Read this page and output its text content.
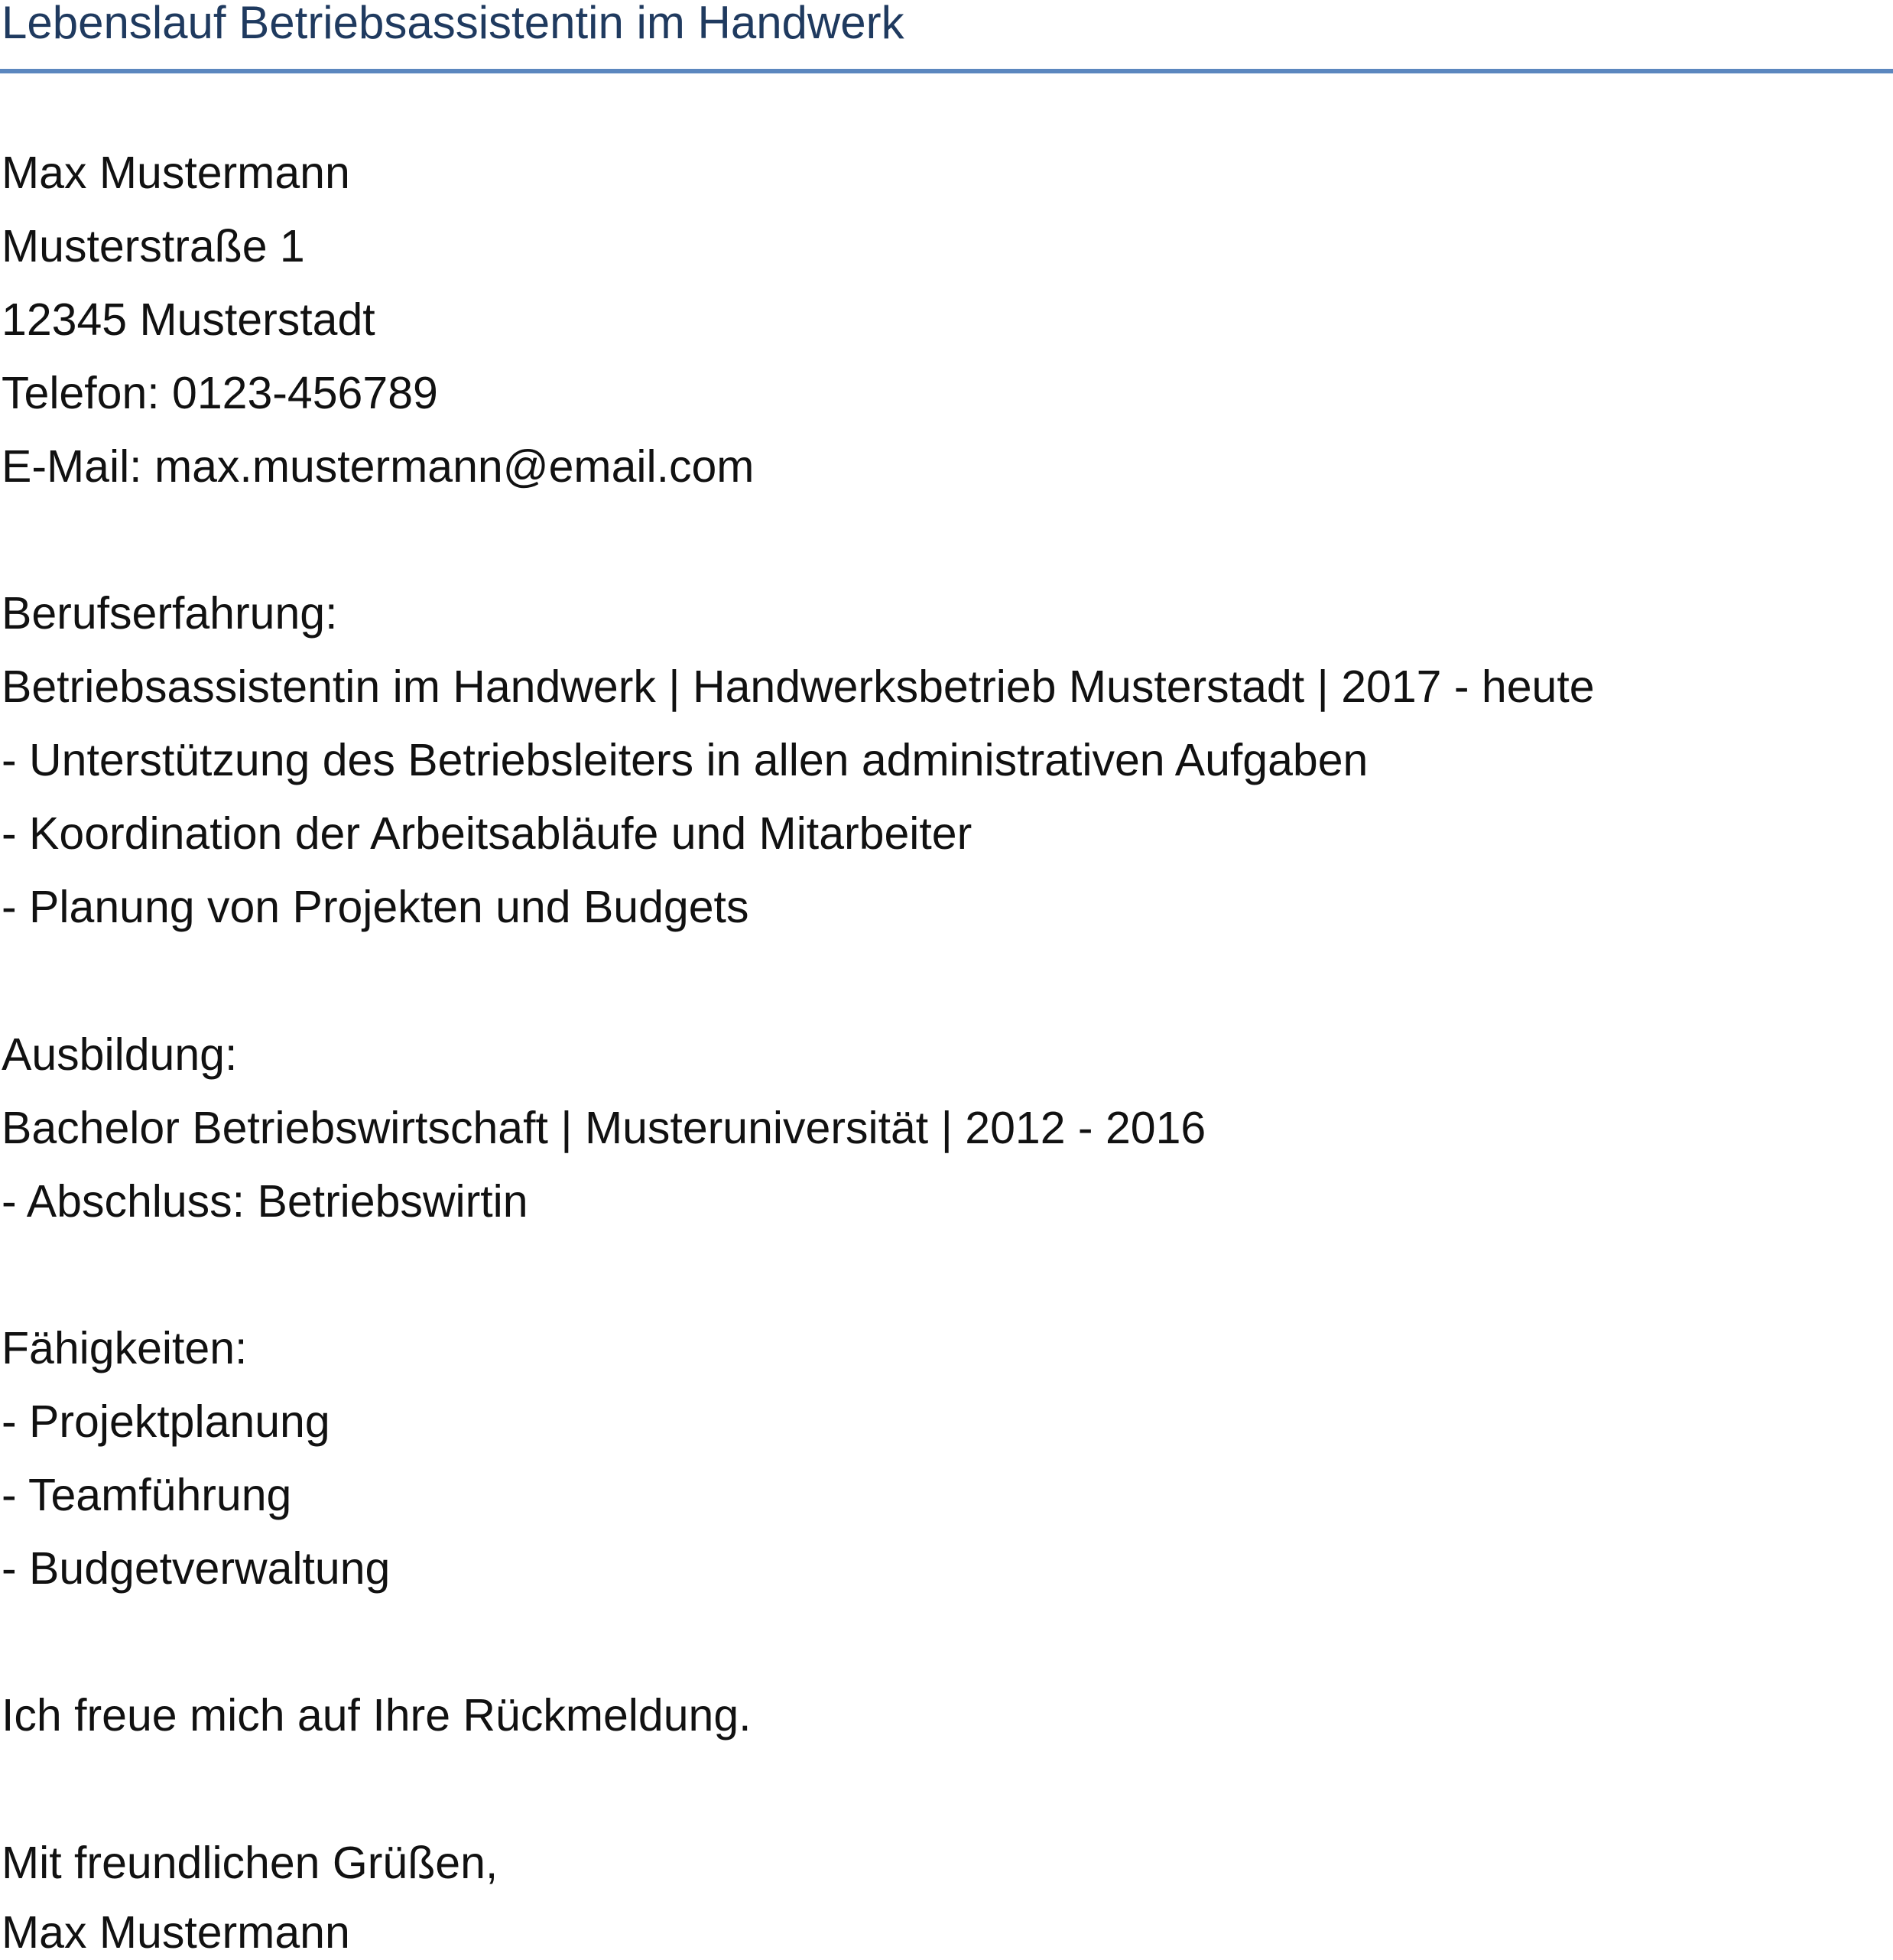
Lebenslauf Betriebsassistentin im Handwerk
Max Mustermann
Musterstraße 1
12345 Musterstadt
Telefon: 0123-456789
E-Mail: max.mustermann@email.com
Berufserfahrung:
Betriebsassistentin im Handwerk | Handwerksbetrieb Musterstadt | 2017 - heute
- Unterstützung des Betriebsleiters in allen administrativen Aufgaben
- Koordination der Arbeitsabläufe und Mitarbeiter
- Planung von Projekten und Budgets
Ausbildung:
Bachelor Betriebswirtschaft | Musteruniversität | 2012 - 2016
- Abschluss: Betriebswirtin
Fähigkeiten:
- Projektplanung
- Teamführung
- Budgetverwaltung
Ich freue mich auf Ihre Rückmeldung.
Mit freundlichen Grüßen,
Max Mustermann
